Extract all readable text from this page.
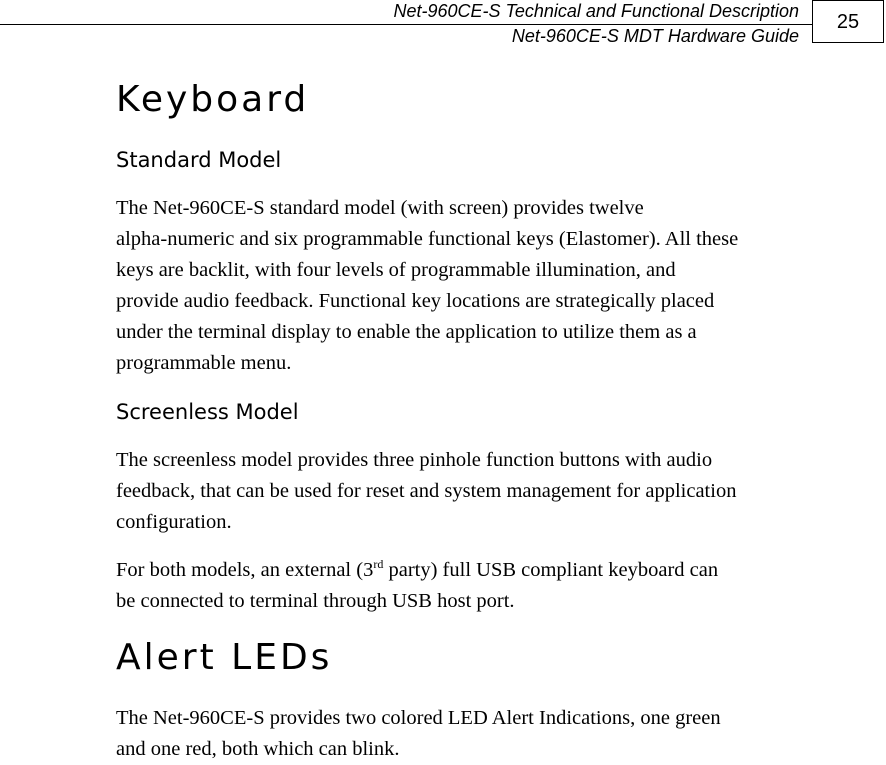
Net-960CE-S Technical and Functional Description
Net-960CE-S MDT Hardware Guide
25
Keyboard
Standard Model

The Net-960CE-S standard model (with screen) provides twelve
alpha-numeric and six programmable functional keys (Elastomer). All these
keys are backlit, with four levels of programmable illumination, and
provide audio feedback. Functional key locations are strategically placed
under the terminal display to enable the application to utilize them as a
programmable menu.

Screenless Model

The screenless model provides three pinhole function buttons with audio
feedback, that can be used for reset and system management for application
configuration.

For both models, an external (3rd party) full USB compliant keyboard can
be connected to terminal through USB host port.

Alert LEDs

The Net-960CE-S provides two colored LED Alert Indications, one green
and one red, both which can blink.
